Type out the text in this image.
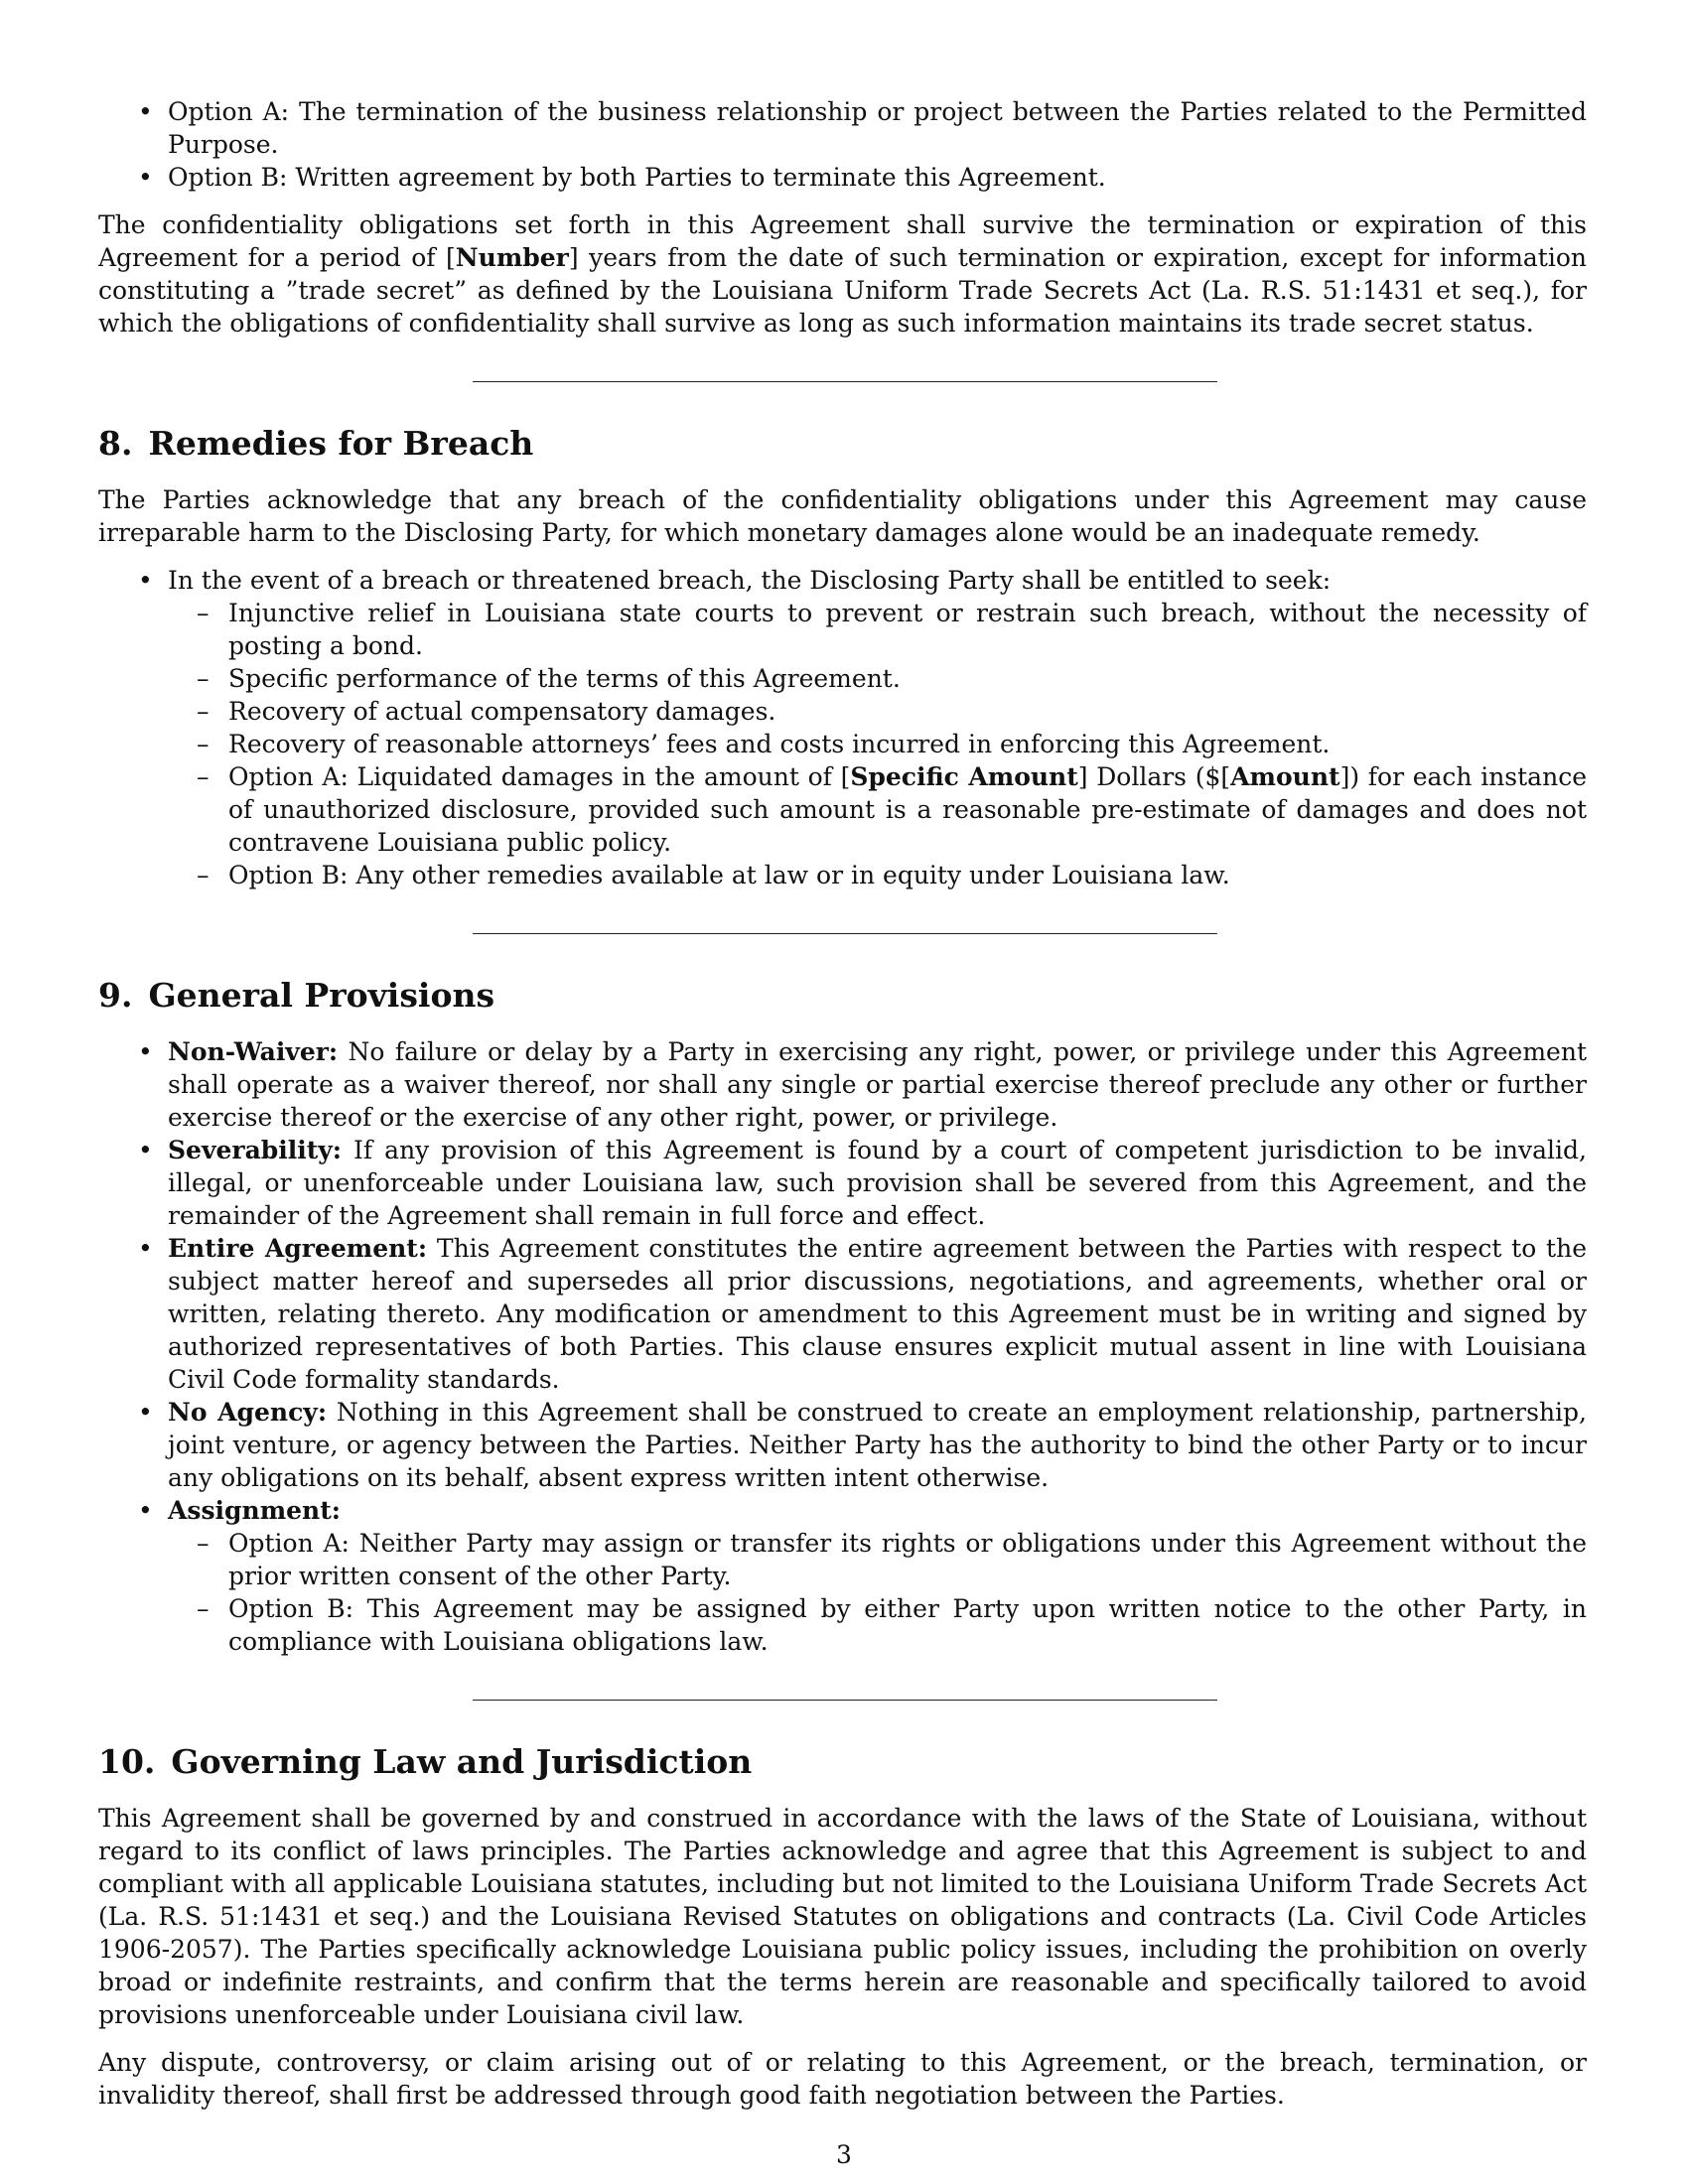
• Option A: The termination of the business relationship or project between the Parties related to the Permitted Purpose.
• Option B: Written agreement by both Parties to terminate this Agreement.

The confidentiality obligations set forth in this Agreement shall survive the termination or expiration of this Agreement for a period of [Number] years from the date of such termination or expiration, except for information constituting a ”trade secret” as defined by the Louisiana Uniform Trade Secrets Act (La. R.S. 51:1431 et seq.), for which the obligations of confidentiality shall survive as long as such information maintains its trade secret status.

8. Remedies for Breach

The Parties acknowledge that any breach of the confidentiality obligations under this Agreement may cause irreparable harm to the Disclosing Party, for which monetary damages alone would be an inadequate remedy.

• In the event of a breach or threatened breach, the Disclosing Party shall be entitled to seek:
– Injunctive relief in Louisiana state courts to prevent or restrain such breach, without the necessity of posting a bond.
– Specific performance of the terms of this Agreement.
– Recovery of actual compensatory damages.
– Recovery of reasonable attorneys’ fees and costs incurred in enforcing this Agreement.
– Option A: Liquidated damages in the amount of [Specific Amount] Dollars ($[Amount]) for each instance of unauthorized disclosure, provided such amount is a reasonable pre-estimate of damages and does not contravene Louisiana public policy.
– Option B: Any other remedies available at law or in equity under Louisiana law.
9. General Provisions
• Non-Waiver: No failure or delay by a Party in exercising any right, power, or privilege under this Agreement shall operate as a waiver thereof, nor shall any single or partial exercise thereof preclude any other or further exercise thereof or the exercise of any other right, power, or privilege.
• Severability: If any provision of this Agreement is found by a court of competent jurisdiction to be invalid, illegal, or unenforceable under Louisiana law, such provision shall be severed from this Agreement, and the remainder of the Agreement shall remain in full force and effect.
• Entire Agreement: This Agreement constitutes the entire agreement between the Parties with respect to the subject matter hereof and supersedes all prior discussions, negotiations, and agreements, whether oral or written, relating thereto. Any modification or amendment to this Agreement must be in writing and signed by authorized representatives of both Parties. This clause ensures explicit mutual assent in line with Louisiana Civil Code formality standards.
• No Agency: Nothing in this Agreement shall be construed to create an employment relationship, partnership, joint venture, or agency between the Parties. Neither Party has the authority to bind the other Party or to incur any obligations on its behalf, absent express written intent otherwise.
• Assignment:
– Option A: Neither Party may assign or transfer its rights or obligations under this Agreement without the prior written consent of the other Party.
– Option B: This Agreement may be assigned by either Party upon written notice to the other Party, in compliance with Louisiana obligations law.
10. Governing Law and Jurisdiction

This Agreement shall be governed by and construed in accordance with the laws of the State of Louisiana, without regard to its conflict of laws principles. The Parties acknowledge and agree that this Agreement is subject to and compliant with all applicable Louisiana statutes, including but not limited to the Louisiana Uniform Trade Secrets Act (La. R.S. 51:1431 et seq.) and the Louisiana Revised Statutes on obligations and contracts (La. Civil Code Articles 1906-2057). The Parties specifically acknowledge Louisiana public policy issues, including the prohibition on overly broad or indefinite restraints, and confirm that the terms herein are reasonable and specifically tailored to avoid provisions unenforceable under Louisiana civil law.

Any dispute, controversy, or claim arising out of or relating to this Agreement, or the breach, termination, or invalidity thereof, shall first be addressed through good faith negotiation between the Parties.

3
